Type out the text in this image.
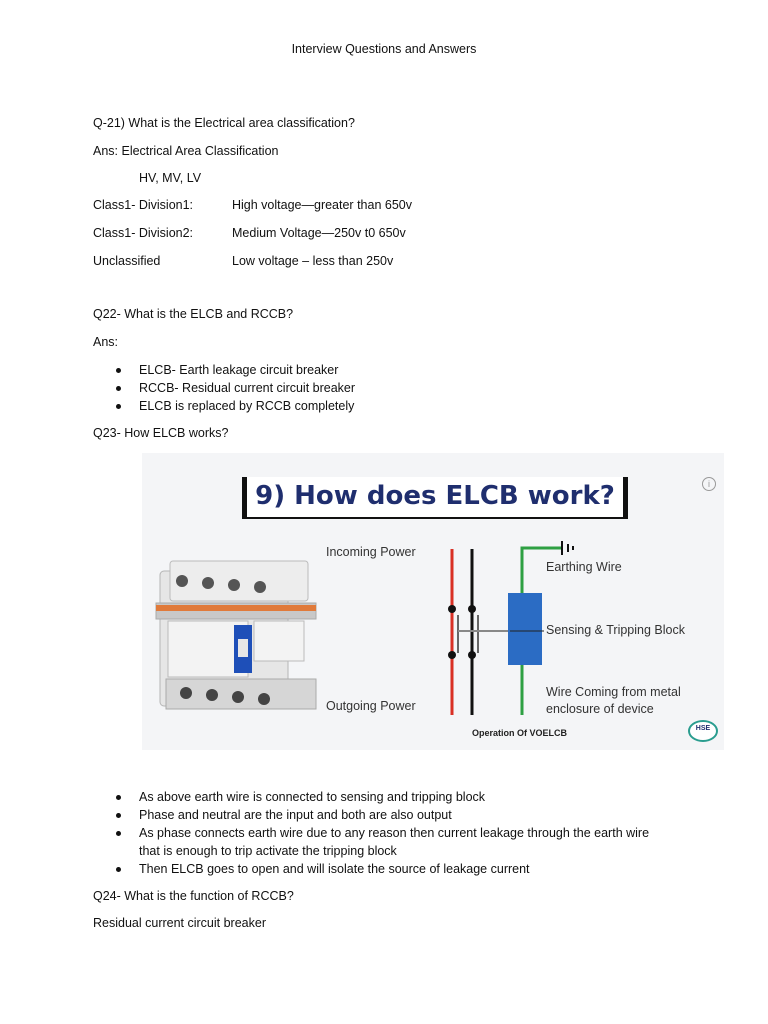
Interview Questions and Answers
Q-21) What is the Electrical area classification?
Ans: Electrical Area Classification
HV, MV, LV
Class1- Division1:	High voltage—greater than 650v
Class1- Division2:	Medium Voltage—250v t0 650v
Unclassified	Low voltage – less than 250v
Q22- What is the ELCB and RCCB?
Ans:
ELCB- Earth leakage circuit breaker
RCCB- Residual current circuit breaker
ELCB is replaced by RCCB completely
Q23- How ELCB works?
9) How does ELCB work?	i
Incoming Power
Outgoing Power
Earthing Wire
Sensing & Tripping Block
Wire Coming from metal
enclosure of device
Operation Of VOELCB	HSE
As above earth wire is connected to sensing and tripping block
Phase and neutral are the input and both are also output
As phase connects earth wire due to any reason then current leakage through the earth wire
that is enough to trip activate the tripping block
Then ELCB goes to open and will isolate the source of leakage current
Q24- What is the function of RCCB?
Residual current circuit breaker
